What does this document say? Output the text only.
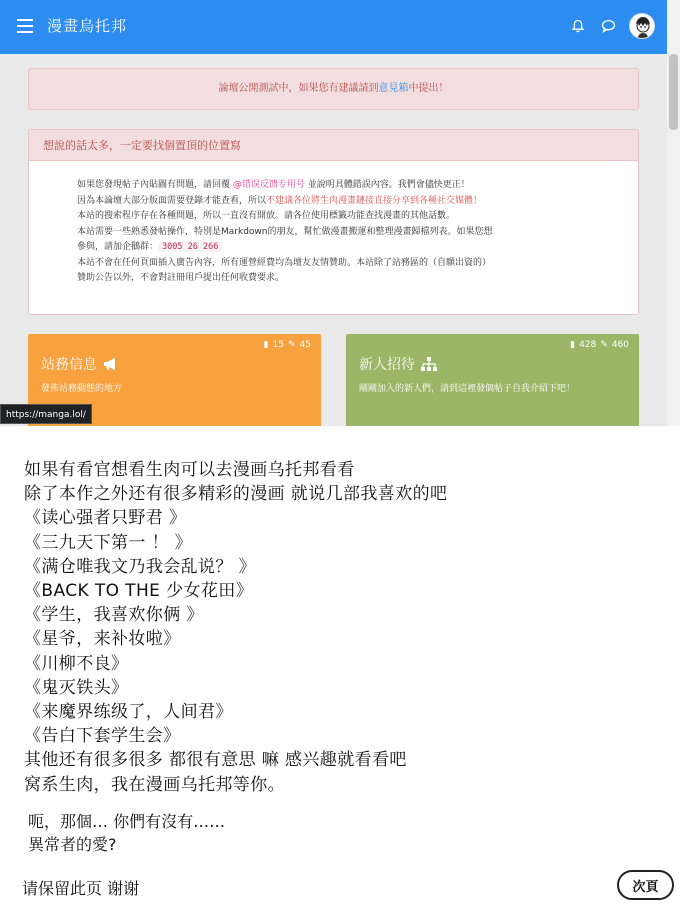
漫畫烏托邦
論壇公開測試中，如果您有建議請到意見箱中提出！
想說的話太多，一定要找個置頂的位置寫
如果您發現帖子內貼圖有問題，請回覆 @错误反馈专用号 並說明具體錯誤內容。我們會儘快更正！
因為本論壇大部分版面需要登錄才能查看，所以不建議各位將生肉漫畫鏈接直接分享到各種社交媒體！
本站的搜索程序存在各種問題，所以一直沒有開放。請各位使用標籤功能查找漫畫的其他話數。
本站需要一些熟悉發帖操作，特別是Markdown的朋友，幫忙做漫畫搬運和整理漫畫歸檔列表。如果您想
參與，請加企鵝群： 3005 26 266
本站不會在任何頁面插入廣告內容，所有運營經費均為壇友友情贊助。本站除了站務區的（自願出資的）
贊助公告以外，不會對註冊用戶提出任何收費要求。
▮ 15 ✎ 45
站務信息
發佈站務動態的地方
▮ 428 ✎ 460
新人招待
剛剛加入的新人們，請到這裡發個帖子自我介紹下吧！
https://manga.lol/
如果有看官想看生肉可以去漫画乌托邦看看
除了本作之外还有很多精彩的漫画 就说几部我喜欢的吧
《读心强者只野君 》
《三九天下第一 ！ 》
《满仓唯我文乃我会乱说？ 》
《BACK TO THE 少女花田》
《学生，我喜欢你俩 》
《星爷，来补妆啦》
《川柳不良》
《鬼灭铁头》
《来魔界练级了，人间君》
《告白下套学生会》
其他还有很多很多 都很有意思 嘛 感兴趣就看看吧
窝系生肉，我在漫画乌托邦等你。
呃，那個… 你們有沒有……
異常者的愛?
请保留此页 谢谢	次頁
